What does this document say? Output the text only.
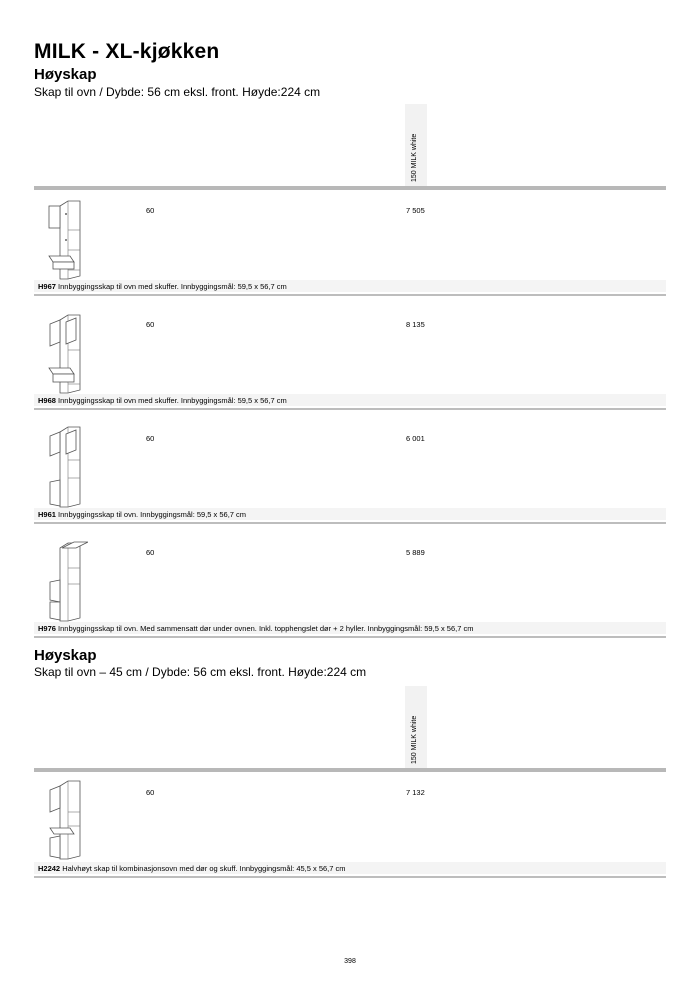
MILK - XL-kjøkken
Høyskap
Skap til ovn / Dybde: 56 cm eksl. front. Høyde:224 cm
150 MILK white
60	7 505
H967 Innbyggingsskap til ovn med skuffer. Innbyggingsmål: 59,5 x 56,7 cm
60	8 135
H968 Innbyggingsskap til ovn med skuffer. Innbyggingsmål: 59,5 x 56,7 cm
60	6 001
H961 Innbyggingsskap til ovn. Innbyggingsmål: 59,5 x 56,7 cm
60	5 889
H976 Innbyggingsskap til ovn. Med sammensatt dør under ovnen. Inkl. topphengslet dør + 2 hyller. Innbyggingsmål: 59,5 x 56,7 cm
Høyskap
Skap til ovn – 45 cm / Dybde: 56 cm eksl. front. Høyde:224 cm
150 MILK white
60	7 132
H2242 Halvhøyt skap til kombinasjonsovn med dør og skuff. Innbyggingsmål: 45,5 x 56,7 cm
398
